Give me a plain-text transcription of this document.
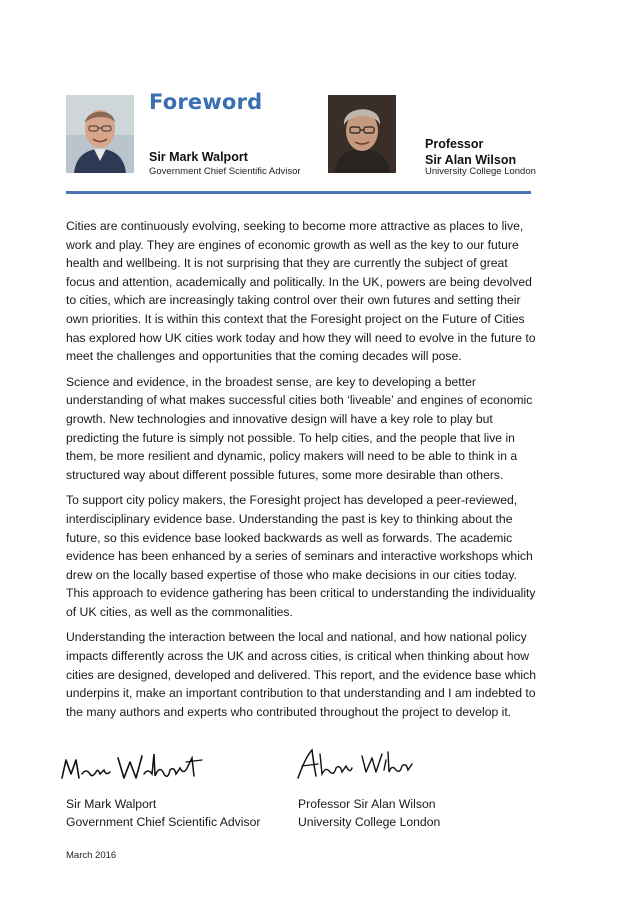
Foreword
Sir Mark Walport
Government Chief Scientific Advisor
Professor
Sir Alan Wilson
University College London

Cities are continuously evolving, seeking to become more attractive as places to live, work and play. They are engines of economic growth as well as the key to our future health and wellbeing. It is not surprising that they are currently the subject of great focus and attention, academically and politically. In the UK, powers are being devolved to cities, which are increasingly taking control over their own futures and setting their own priorities. It is within this context that the Foresight project on the Future of Cities has explored how UK cities work today and how they will need to evolve in the future to meet the challenges and opportunities that the coming decades will pose.

Science and evidence, in the broadest sense, are key to developing a better understanding of what makes successful cities both ‘liveable’ and engines of economic growth. New technologies and innovative design will have a key role to play but predicting the future is simply not possible. To help cities, and the people that live in them, be more resilient and dynamic, policy makers will need to be able to think in a structured way about different possible futures, some more desirable than others.

To support city policy makers, the Foresight project has developed a peer-reviewed, interdisciplinary evidence base. Understanding the past is key to thinking about the future, so this evidence base looked backwards as well as forwards. The academic evidence has been enhanced by a series of seminars and interactive workshops which drew on the locally based expertise of those who make decisions in our cities today. This approach to evidence gathering has been critical to understanding the individuality of UK cities, as well as the commonalities.

Understanding the interaction between the local and national, and how national policy impacts differently across the UK and across cities, is critical when thinking about how cities are designed, developed and delivered. This report, and the evidence base which underpins it, make an important contribution to that understanding and I am indebted to the many authors and experts who contributed throughout the project to develop it.

Sir Mark Walport
Government Chief Scientific Advisor
Professor Sir Alan Wilson
University College London
March 2016
